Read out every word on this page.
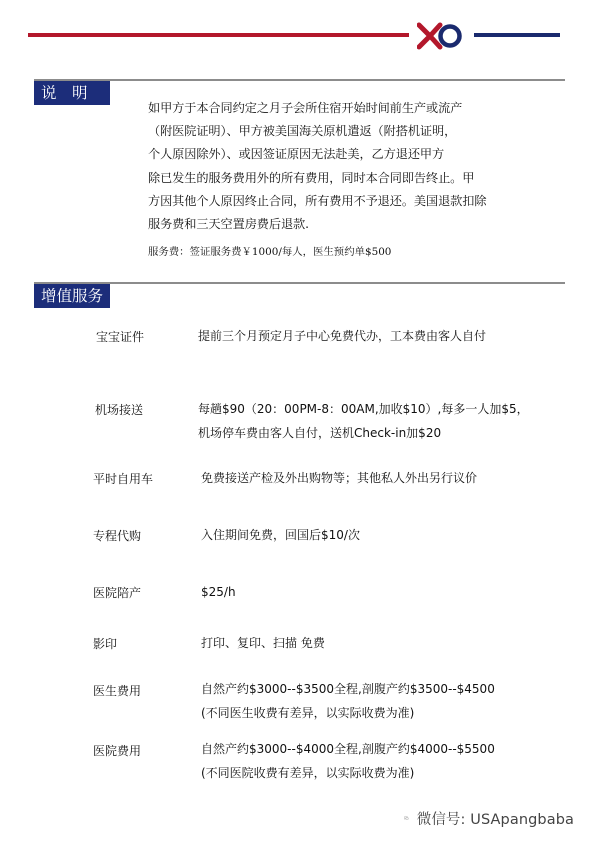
说　明

如甲方于本合同约定之月子会所住宿开始时间前生产或流产

（附医院证明）、甲方被美国海关原机遣返（附搭机证明，

个人原因除外）、或因签证原因无法赴美，乙方退还甲方

除已发生的服务费用外的所有费用，同时本合同即告终止。甲

方因其他个人原因终止合同，所有费用不予退还。美国退款扣除

服务费和三天空置房费后退款.

服务费：签证服务费￥1000/每人，医生预约单$500
增值服务
宝宝证件	提前三个月预定月子中心免费代办，工本费由客人自付
机场接送	每趟$90（20：00PM-8：00AM,加收$10）,每多一人加$5，
机场停车费由客人自付，送机Check-in加$20
平时自用车	免费接送产检及外出购物等；其他私人外出另行议价
专程代购	入住期间免费，回国后$10/次
医院陪产	$25/h
影印	打印、复印、扫描 免费
医生费用	自然产约$3000--$3500全程,剖腹产约$3500--$4500
(不同医生收费有差异，以实际收费为准)
医院费用	自然产约$3000--$4000全程,剖腹产约$4000--$5500
(不同医院收费有差异，以实际收费为准)
微信号: USApangbaba
